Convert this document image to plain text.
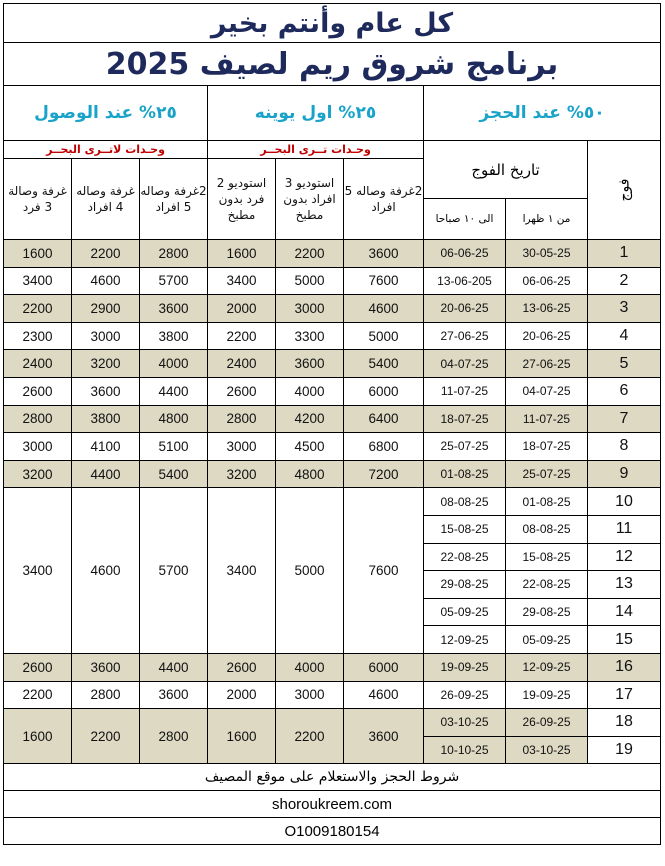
كل عام وأنتم بخير								
برنامج شروق ريم لصيف 2025								
٢٥% عند الوصول			٢٥% اول يوينه			٥٠% عند الحجز		
وحـدات لاتــرى البحــر			وحـدات تــرى البحــر			تاريخ الفوج		فوج
غرفة وصالة 3 فرد	غرفة وصاله 4 افراد	2غرفة وصاله 5 افراد	استوديو 2 فرد بدون مطبخ	استوديو 3 افراد بدون مطبخ	2غرفة وصاله 5 افراد			
						الى ١٠ صباحا	من ١ ظهرا	
1600	2200	2800	1600	2200	3600	06-06-25	30-05-25	1
3400	4600	5700	3400	5000	7600	13-06-205	06-06-25	2
2200	2900	3600	2000	3000	4600	20-06-25	13-06-25	3
2300	3000	3800	2200	3300	5000	27-06-25	20-06-25	4
2400	3200	4000	2400	3600	5400	04-07-25	27-06-25	5
2600	3600	4400	2600	4000	6000	11-07-25	04-07-25	6
2800	3800	4800	2800	4200	6400	18-07-25	11-07-25	7
3000	4100	5100	3000	4500	6800	25-07-25	18-07-25	8
3200	4400	5400	3200	4800	7200	01-08-25	25-07-25	9
3400	4600	5700	3400	5000	7600	08-08-25	01-08-25	10
						15-08-25	08-08-25	11
						22-08-25	15-08-25	12
						29-08-25	22-08-25	13
						05-09-25	29-08-25	14
						12-09-25	05-09-25	15
2600	3600	4400	2600	4000	6000	19-09-25	12-09-25	16
2200	2800	3600	2000	3000	4600	26-09-25	19-09-25	17
1600	2200	2800	1600	2200	3600	03-10-25	26-09-25	18
						10-10-25	03-10-25	19
شروط الحجز والاستعلام على موقع المصيف								
shoroukreem.com								
O1009180154								
